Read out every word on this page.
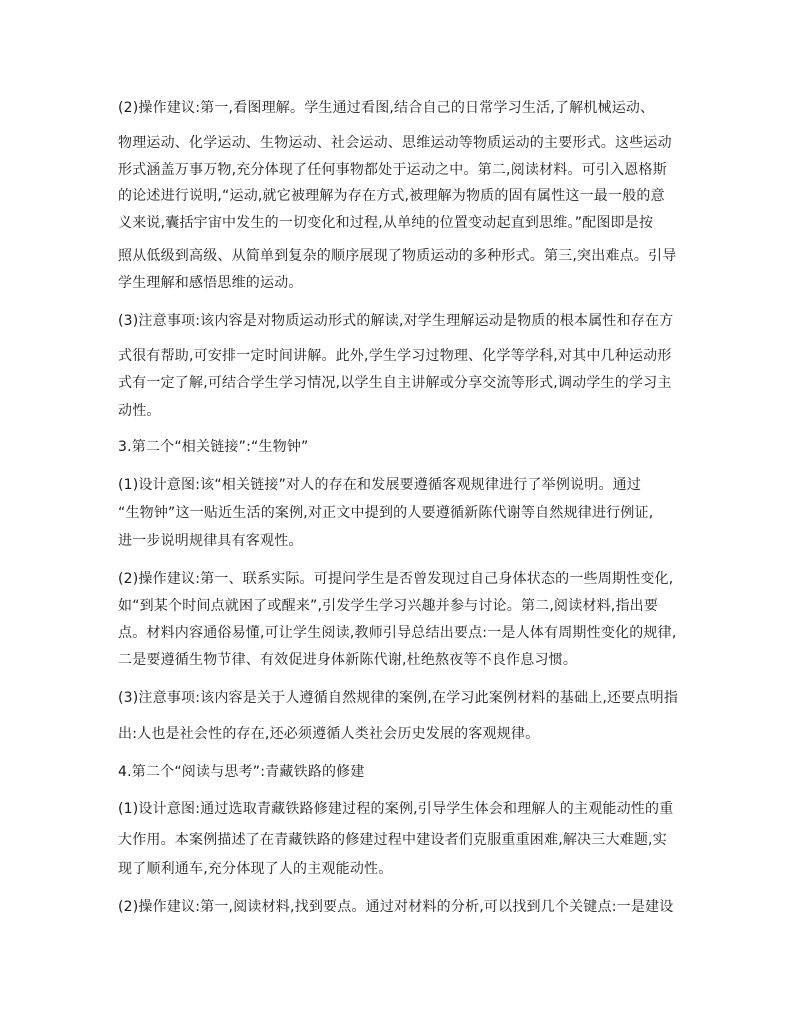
(2)操作建议:第一,看图理解。学生通过看图,结合自己的日常学习生活,了解机械运动、
物理运动、化学运动、生物运动、社会运动、思维运动等物质运动的主要形式。这些运动
形式涵盖万事万物,充分体现了任何事物都处于运动之中。第二,阅读材料。可引入恩格斯
的论述进行说明,“运动,就它被理解为存在方式,被理解为物质的固有属性这一最一般的意
义来说,囊括宇宙中发生的一切变化和过程,从单纯的位置变动起直到思维。”配图即是按
照从低级到高级、从简单到复杂的顺序展现了物质运动的多种形式。第三,突出难点。引导
学生理解和感悟思维的运动。
(3)注意事项:该内容是对物质运动形式的解读,对学生理解运动是物质的根本属性和存在方
式很有帮助,可安排一定时间讲解。此外,学生学习过物理、化学等学科,对其中几种运动形
式有一定了解,可结合学生学习情况,以学生自主讲解或分享交流等形式,调动学生的学习主
动性。
3.第二个“相关链接”:“生物钟”
(1)设计意图:该“相关链接”对人的存在和发展要遵循客观规律进行了举例说明。通过
“生物钟”这一贴近生活的案例,对正文中提到的人要遵循新陈代谢等自然规律进行例证,
进一步说明规律具有客观性。
(2)操作建议:第一、联系实际。可提问学生是否曾发现过自己身体状态的一些周期性变化,
如“到某个时间点就困了或醒来”,引发学生学习兴趣并参与讨论。第二,阅读材料,指出要
点。材料内容通俗易懂,可让学生阅读,教师引导总结出要点:一是人体有周期性变化的规律,
二是要遵循生物节律、有效促进身体新陈代谢,杜绝熬夜等不良作息习惯。
(3)注意事项:该内容是关于人遵循自然规律的案例,在学习此案例材料的基础上,还要点明指
出:人也是社会性的存在,还必须遵循人类社会历史发展的客观规律。
4.第二个“阅读与思考”:青藏铁路的修建
(1)设计意图:通过选取青藏铁路修建过程的案例,引导学生体会和理解人的主观能动性的重
大作用。本案例描述了在青藏铁路的修建过程中建设者们克服重重困难,解决三大难题,实
现了顺利通车,充分体现了人的主观能动性。
(2)操作建议:第一,阅读材料,找到要点。通过对材料的分析,可以找到几个关键点:一是建设
